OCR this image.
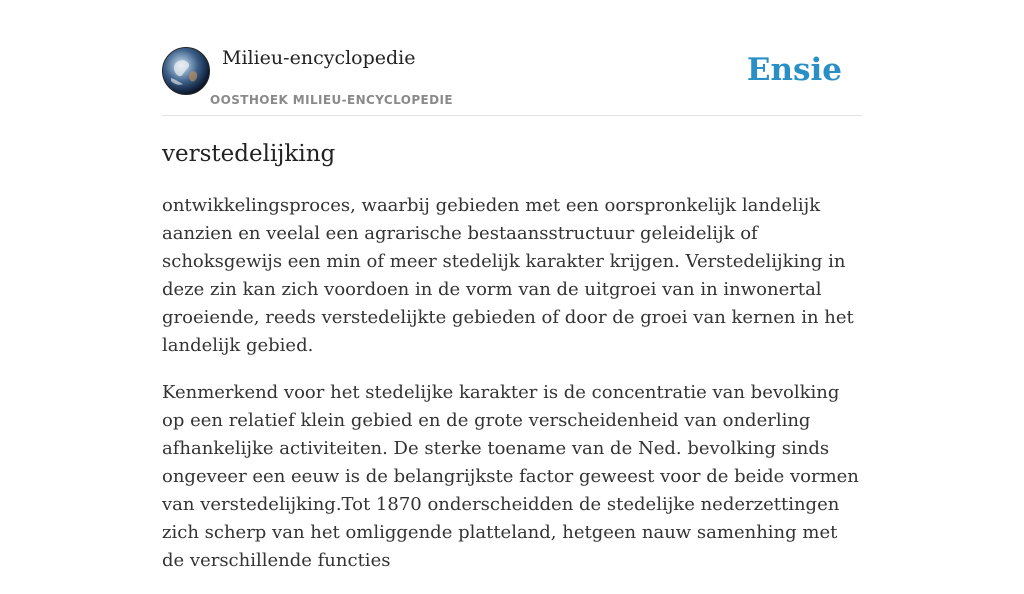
Milieu-encyclopedie
OOSTHOEK MILIEU-ENCYCLOPEDIE
Ensie
verstedelijking

ontwikkelingsproces, waarbij gebieden met een oorspronkelijk landelijk aanzien en veelal een agrarische bestaansstructuur geleidelijk of schoksgewijs een min of meer stedelijk karakter krijgen. Verstedelijking in deze zin kan zich voordoen in de vorm van de uitgroei van in inwonertal groeiende, reeds verstedelijkte gebieden of door de groei van kernen in het landelijk gebied.

Kenmerkend voor het stedelijke karakter is de concentratie van bevolking op een relatief klein gebied en de grote verscheidenheid van onderling afhankelijke activiteiten. De sterke toename van de Ned. bevolking sinds ongeveer een eeuw is de belangrijkste factor geweest voor de beide vormen van verstedelijking.Tot 1870 onderscheidden de stedelijke nederzettingen zich scherp van het omliggende platteland, hetgeen nauw samenhing met de verschillende functies
